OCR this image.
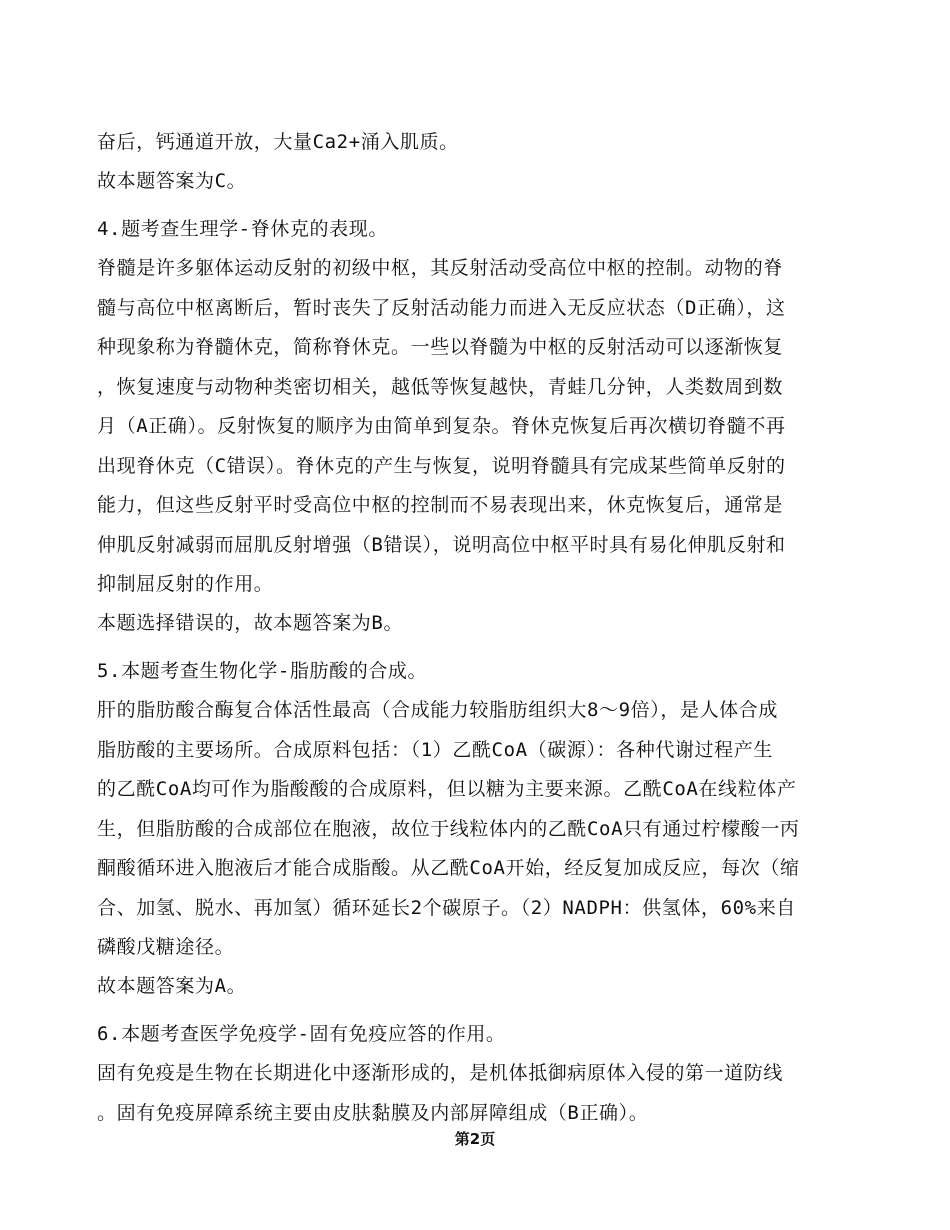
奋后，钙通道开放，大量Ca2+涌入肌质。

故本题答案为C。

4.题考查生理学-脊休克的表现。

脊髓是许多躯体运动反射的初级中枢，其反射活动受高位中枢的控制。动物的脊

髓与高位中枢离断后，暂时丧失了反射活动能力而进入无反应状态（D正确），这

种现象称为脊髓休克，简称脊休克。一些以脊髓为中枢的反射活动可以逐渐恢复

，恢复速度与动物种类密切相关，越低等恢复越快，青蛙几分钟，人类数周到数

月（A正确）。反射恢复的顺序为由简单到复杂。脊休克恢复后再次横切脊髓不再

出现脊休克（C错误）。脊休克的产生与恢复，说明脊髓具有完成某些简单反射的

能力，但这些反射平时受高位中枢的控制而不易表现出来，休克恢复后，通常是

伸肌反射减弱而屈肌反射增强（B错误），说明高位中枢平时具有易化伸肌反射和

抑制屈反射的作用。

本题选择错误的，故本题答案为B。

5.本题考查生物化学-脂肪酸的合成。

肝的脂肪酸合酶复合体活性最高（合成能力较脂肪组织大8～9倍），是人体合成

脂肪酸的主要场所。合成原料包括：（1）乙酰CoA（碳源）：各种代谢过程产生

的乙酰CoA均可作为脂酸酸的合成原料，但以糖为主要来源。乙酰CoA在线粒体产

生，但脂肪酸的合成部位在胞液，故位于线粒体内的乙酰CoA只有通过柠檬酸一丙

酮酸循环进入胞液后才能合成脂酸。从乙酰CoA开始，经反复加成反应，每次（缩

合、加氢、脱水、再加氢）循环延长2个碳原子。（2）NADPH：供氢体，60%来自

磷酸戊糖途径。

故本题答案为A。

6.本题考查医学免疫学-固有免疫应答的作用。

固有免疫是生物在长期进化中逐渐形成的，是机体抵御病原体入侵的第一道防线

。固有免疫屏障系统主要由皮肤黏膜及内部屏障组成（B正确）。

第2页
